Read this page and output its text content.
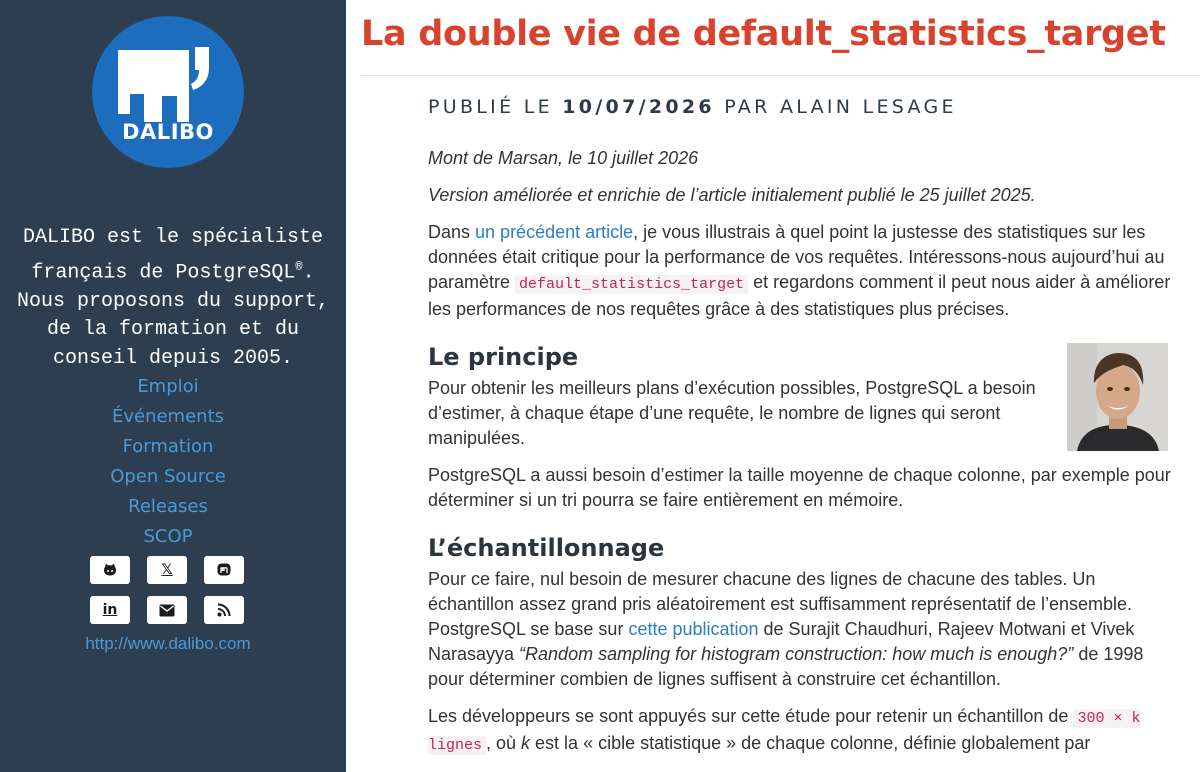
DALIBO
DALIBO est le spécialiste
français de PostgreSQL®.
Nous proposons du support,
de la formation et du
conseil depuis 2005.
Emploi
Événements
Formation
Open Source
Releases
SCOP
𝕏
in
http://www.dalibo.com
La double vie de default_statistics_target
PUBLIÉ LE 10/07/2026 PAR ALAIN LESAGE

Mont de Marsan, le 10 juillet 2026

Version améliorée et enrichie de l’article initialement publié le 25 juillet 2025.

Dans un précédent article, je vous illustrais à quel point la justesse des statistiques sur les données était critique pour la performance de vos requêtes. Intéressons-nous aujourd’hui au paramètre default_statistics_target et regardons comment il peut nous aider à améliorer les performances de nos requêtes grâce à des statistiques plus précises.

Le principe

Pour obtenir les meilleurs plans d’exécution possibles, PostgreSQL a besoin d’estimer, à chaque étape d’une requête, le nombre de lignes qui seront manipulées.

PostgreSQL a aussi besoin d’estimer la taille moyenne de chaque colonne, par exemple pour déterminer si un tri pourra se faire entièrement en mémoire.

L’échantillonnage

Pour ce faire, nul besoin de mesurer chacune des lignes de chacune des tables. Un échantillon assez grand pris aléatoirement est suffisamment représentatif de l’ensemble. PostgreSQL se base sur cette publication de Surajit Chaudhuri, Rajeev Motwani et Vivek Narasayya “Random sampling for histogram construction: how much is enough?” de 1998 pour déterminer combien de lignes suffisent à construire cet échantillon.

Les développeurs se sont appuyés sur cette étude pour retenir un échantillon de 300 × k lignes , où k est la « cible statistique » de chaque colonne, définie globalement par
